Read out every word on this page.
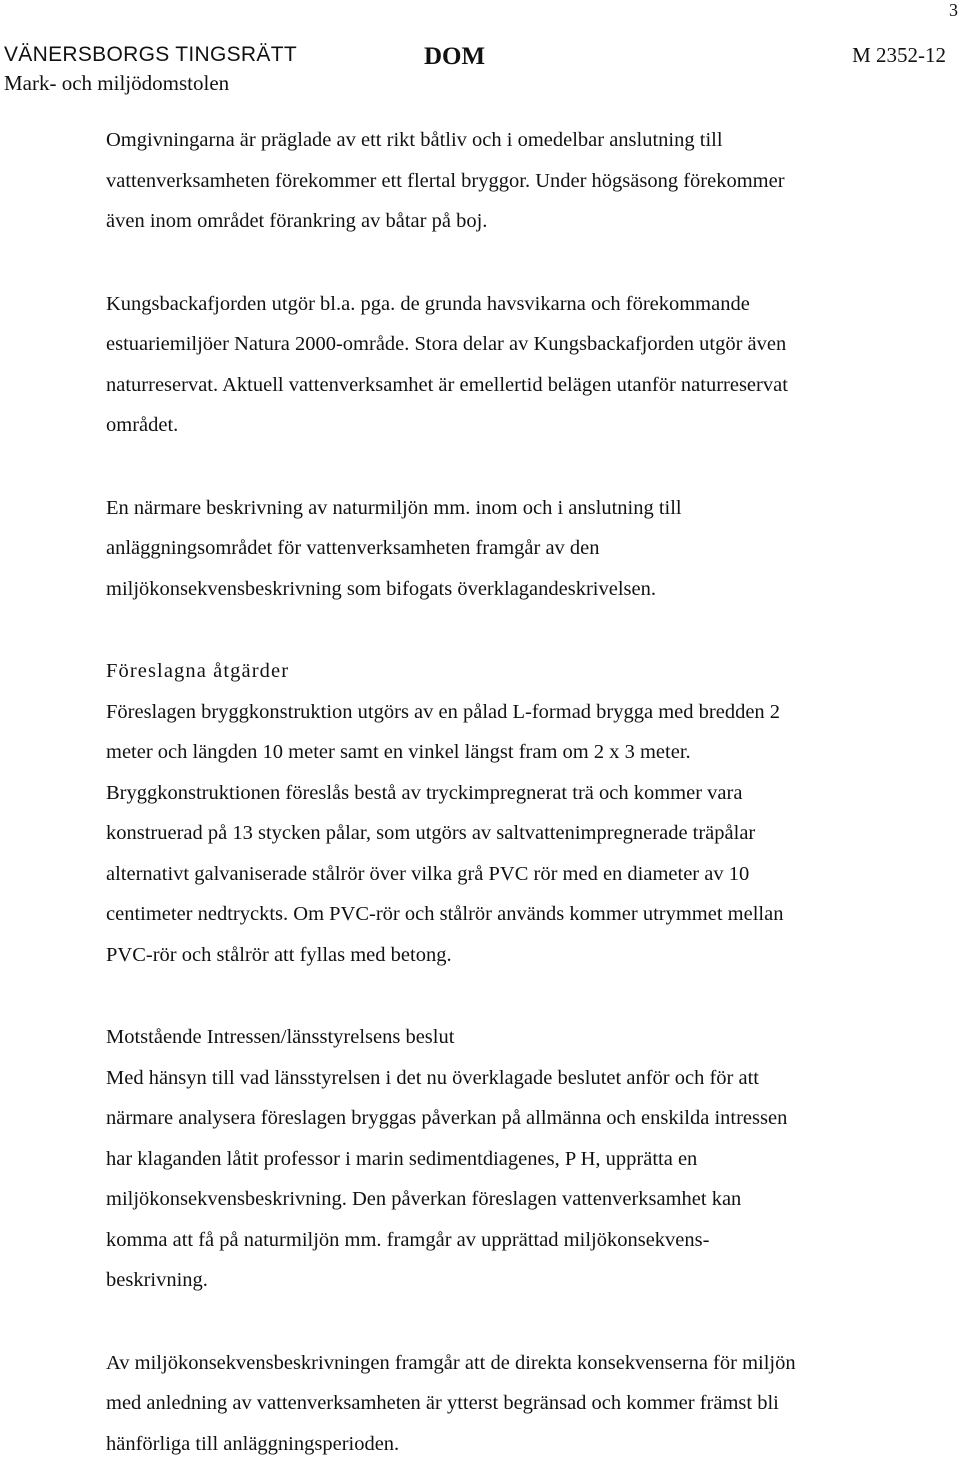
3
VÄNERSBORGS TINGSRÄTT
Mark- och miljödomstolen
DOM	M 2352-12

Omgivningarna är präglade av ett rikt båtliv och i omedelbar anslutning till
vattenverksamheten förekommer ett flertal bryggor. Under högsäsong förekommer
även inom området förankring av båtar på boj.

Kungsbackafjorden utgör bl.a. pga. de grunda havsvikarna och förekommande
estuariemiljöer Natura 2000-område. Stora delar av Kungsbackafjorden utgör även
naturreservat. Aktuell vattenverksamhet är emellertid belägen utanför naturreservat
området.

En närmare beskrivning av naturmiljön mm. inom och i anslutning till
anläggningsområdet för vattenverksamheten framgår av den
miljökonsekvensbeskrivning som bifogats överklagandeskrivelsen.

Föreslagna åtgärder

Föreslagen bryggkonstruktion utgörs av en pålad L-formad brygga med bredden 2
meter och längden 10 meter samt en vinkel längst fram om 2 x 3 meter.
Bryggkonstruktionen föreslås bestå av tryckimpregnerat trä och kommer vara
konstruerad på 13 stycken pålar, som utgörs av saltvattenimpregnerade träpålar
alternativt galvaniserade stålrör över vilka grå PVC rör med en diameter av 10
centimeter nedtryckts. Om PVC-rör och stålrör används kommer utrymmet mellan
PVC-rör och stålrör att fyllas med betong.

Motstående Intressen/länsstyrelsens beslut

Med hänsyn till vad länsstyrelsen i det nu överklagade beslutet anför och för att
närmare analysera föreslagen bryggas påverkan på allmänna och enskilda intressen
har klaganden låtit professor i marin sedimentdiagenes, P H, upprätta en
miljökonsekvensbeskrivning. Den påverkan föreslagen vattenverksamhet kan
komma att få på naturmiljön mm. framgår av upprättad miljökonsekvens-
beskrivning.

Av miljökonsekvensbeskrivningen framgår att de direkta konsekvenserna för miljön
med anledning av vattenverksamheten är ytterst begränsad och kommer främst bli
hänförliga till anläggningsperioden.
